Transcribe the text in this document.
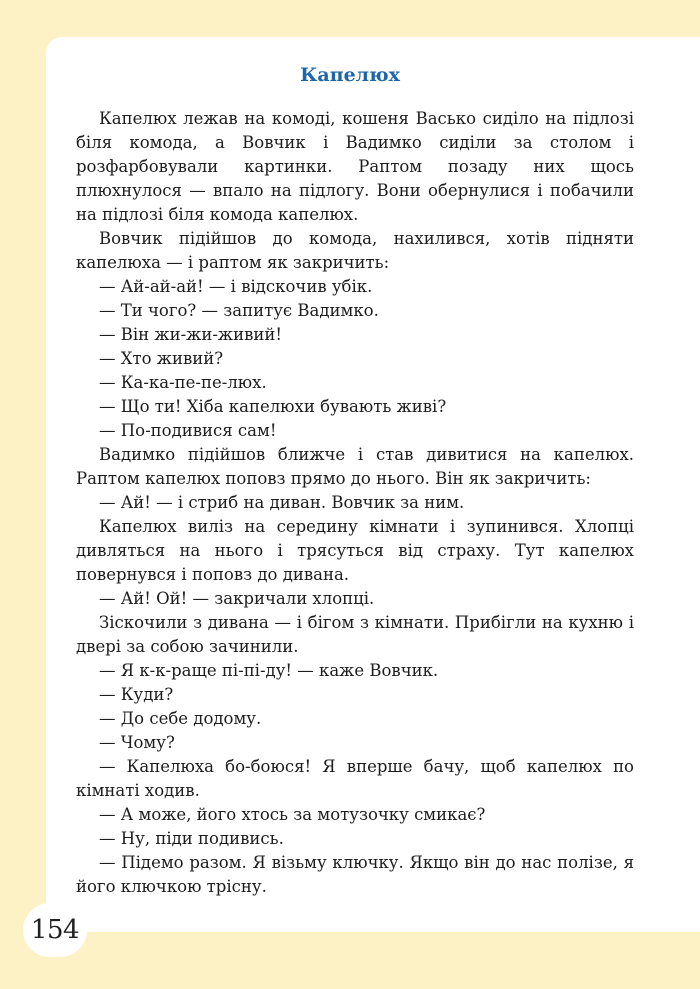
Капелюх

Капелюх лежав на комоді, кошеня Васько сиділо на підлозі біля комода, а Вовчик і Вадимко сиділи за столом і розфарбовували картинки. Раптом позаду них щось плюхнулося — впало на підлогу. Вони обернулися і побачили на підлозі біля комода капелюх.

Вовчик підійшов до комода, нахилився, хотів підняти капелюха — і раптом як закричить:

— Ай-ай-ай! — і відскочив убік.

— Ти чого? — запитує Вадимко.

— Він жи-жи-живий!

— Хто живий?

— Ка-ка-пе-пе-люх.

— Що ти! Хіба капелюхи бувають живі?

— По-подивися сам!

Вадимко підійшов ближче і став дивитися на капелюх. Раптом капелюх поповз прямо до нього. Він як закричить:

— Ай! — і стриб на диван. Вовчик за ним.

Капелюх виліз на середину кімнати і зупинився. Хлопці дивляться на нього і трясуться від страху. Тут капелюх повернувся і поповз до дивана.

— Ай! Ой! — закричали хлопці.

Зіскочили з дивана — і бігом з кімнати. Прибігли на кухню і двері за собою зачинили.

— Я к-к-раще пі-пі-ду! — каже Вовчик.

— Куди?

— До себе додому.

— Чому?

— Капелюха бо-боюся! Я вперше бачу, щоб капелюх по кімнаті ходив.

— А може, його хтось за мотузочку смикає?

— Ну, піди подивись.

— Підемо разом. Я візьму ключку. Якщо він до нас полізе, я його ключкою трісну.

154
